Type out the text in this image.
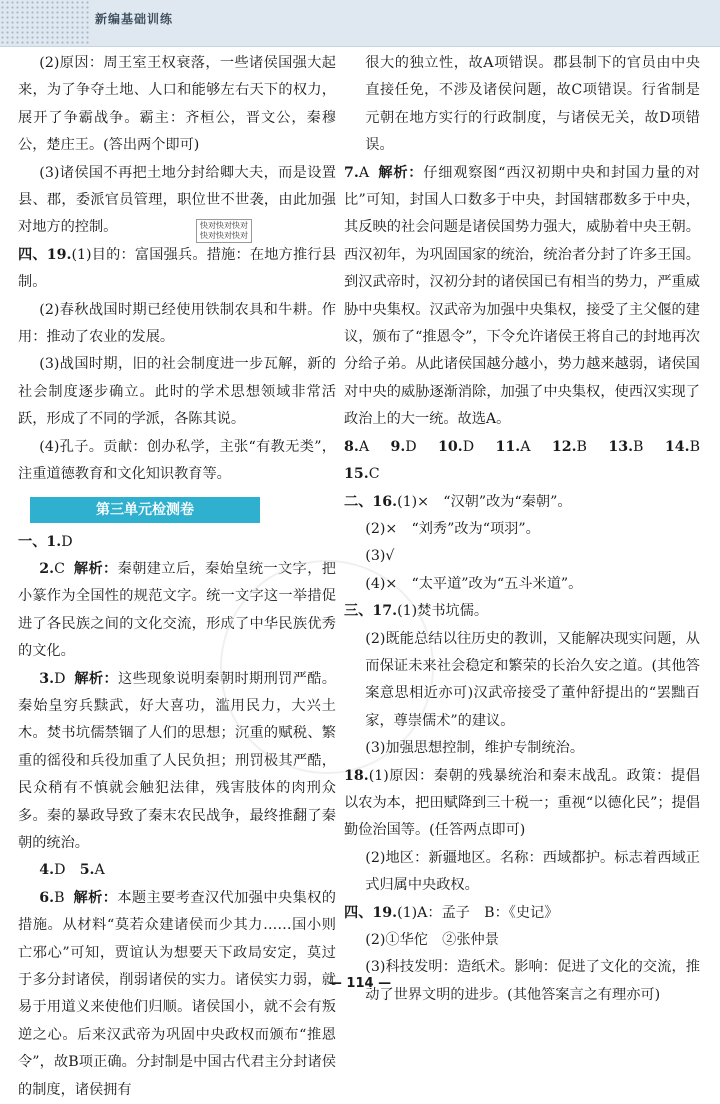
新编基础训练

(2)原因：周王室王权衰落，一些诸侯国强大起来，为了争夺土地、人口和能够左右天下的权力，展开了争霸战争。霸主：齐桓公，晋文公，秦穆公，楚庄王。(答出两个即可)

(3)诸侯国不再把土地分封给卿大夫，而是设置县、郡，委派官员管理，职位世不世袭，由此加强对地方的控制。

四、19.(1)目的：富国强兵。措施：在地方推行县制。

(2)春秋战国时期已经使用铁制农具和牛耕。作用：推动了农业的发展。

(3)战国时期，旧的社会制度进一步瓦解，新的社会制度逐步确立。此时的学术思想领域非常活跃，形成了不同的学派，各陈其说。

(4)孔子。贡献：创办私学，主张“有教无类”，注重道德教育和文化知识教育等。

第三单元检测卷

一、1.D

2.C 解析：秦朝建立后，秦始皇统一文字，把小篆作为全国性的规范文字。统一文字这一举措促进了各民族之间的文化交流，形成了中华民族优秀的文化。

3.D 解析：这些现象说明秦朝时期刑罚严酷。秦始皇穷兵黩武，好大喜功，滥用民力，大兴土木。焚书坑儒禁锢了人们的思想；沉重的赋税、繁重的徭役和兵役加重了人民负担；刑罚极其严酷，民众稍有不慎就会触犯法律，残害肢体的肉刑众多。秦的暴政导致了秦末农民战争，最终推翻了秦朝的统治。

4.D　5.A

6.B 解析：本题主要考查汉代加强中央集权的措施。从材料“莫若众建诸侯而少其力……国小则亡邪心”可知，贾谊认为想要天下政局安定，莫过于多分封诸侯，削弱诸侯的实力。诸侯实力弱，就易于用道义来使他们归顺。诸侯国小，就不会有叛逆之心。后来汉武帝为巩固中央政权而颁布“推恩令”，故B项正确。分封制是中国古代君主分封诸侯的制度，诸侯拥有

快对快对快对
快对快对快对

很大的独立性，故A项错误。郡县制下的官员由中央直接任免，不涉及诸侯问题，故C项错误。行省制是元朝在地方实行的行政制度，与诸侯无关，故D项错误。

7.A 解析：仔细观察图“西汉初期中央和封国力量的对比”可知，封国人口数多于中央，封国辖郡数多于中央，其反映的社会问题是诸侯国势力强大，威胁着中央王朝。西汉初年，为巩固国家的统治，统治者分封了许多王国。到汉武帝时，汉初分封的诸侯国已有相当的势力，严重威胁中央集权。汉武帝为加强中央集权，接受了主父偃的建议，颁布了“推恩令”，下令允许诸侯王将自己的封地再次分给子弟。从此诸侯国越分越小，势力越来越弱，诸侯国对中央的威胁逐渐消除，加强了中央集权，使西汉实现了政治上的大一统。故选A。

8.A　9.D　10.D　11.A　12.B　13.B　14.B　15.C

二、16.(1)×　“汉朝”改为“秦朝”。

(2)×　“刘秀”改为“项羽”。

(3)√

(4)×　“太平道”改为“五斗米道”。

三、17.(1)焚书坑儒。

(2)既能总结以往历史的教训，又能解决现实问题，从而保证未来社会稳定和繁荣的长治久安之道。(其他答案意思相近亦可)汉武帝接受了董仲舒提出的“罢黜百家，尊崇儒术”的建议。

(3)加强思想控制，维护专制统治。

18.(1)原因：秦朝的残暴统治和秦末战乱。政策：提倡以农为本，把田赋降到三十税一；重视“以德化民”；提倡勤俭治国等。(任答两点即可)

(2)地区：新疆地区。名称：西域都护。标志着西域正式归属中央政权。

四、19.(1)A：孟子　B：《史记》

(2)①华佗　②张仲景

(3)科技发明：造纸术。影响：促进了文化的交流，推动了世界文明的进步。(其他答案言之有理亦可)

— 114 —
